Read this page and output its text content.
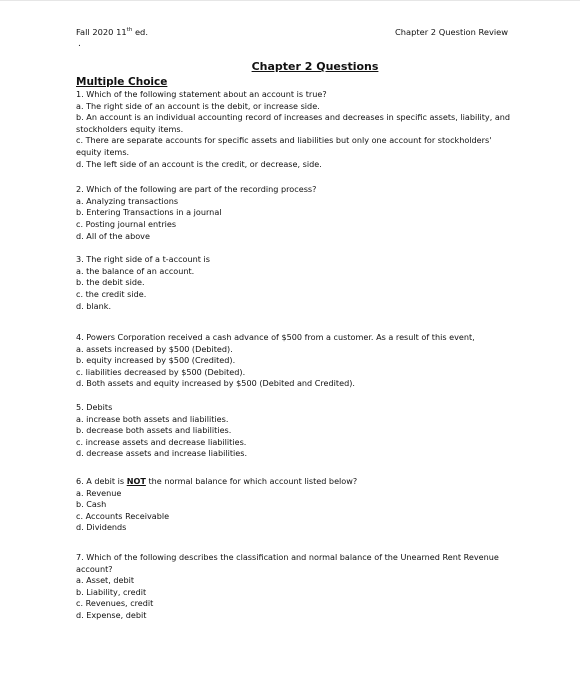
Fall 2020 11th ed.	Chapter 2 Question Review
.
Chapter 2 Questions
Multiple Choice
1. Which of the following statement about an account is true?
a. The right side of an account is the debit, or increase side.
b. An account is an individual accounting record of increases and decreases in specific assets, liability, and stockholders equity items.
c. There are separate accounts for specific assets and liabilities but only one account for stockholders' equity items.
d. The left side of an account is the credit, or decrease, side.
2. Which of the following are part of the recording process?
a. Analyzing transactions
b. Entering Transactions in a journal
c. Posting journal entries
d. All of the above
3. The right side of a t-account is
a. the balance of an account.
b. the debit side.
c. the credit side.
d. blank.
4. Powers Corporation received a cash advance of $500 from a customer. As a result of this event,
a. assets increased by $500 (Debited).
b. equity increased by $500 (Credited).
c. liabilities decreased by $500 (Debited).
d. Both assets and equity increased by $500 (Debited and Credited).
5. Debits
a. increase both assets and liabilities.
b. decrease both assets and liabilities.
c. increase assets and decrease liabilities.
d. decrease assets and increase liabilities.
6. A debit is NOT the normal balance for which account listed below?
a. Revenue
b. Cash
c. Accounts Receivable
d. Dividends
7. Which of the following describes the classification and normal balance of the Unearned Rent Revenue account?
a. Asset, debit
b. Liability, credit
c. Revenues, credit
d. Expense, debit
